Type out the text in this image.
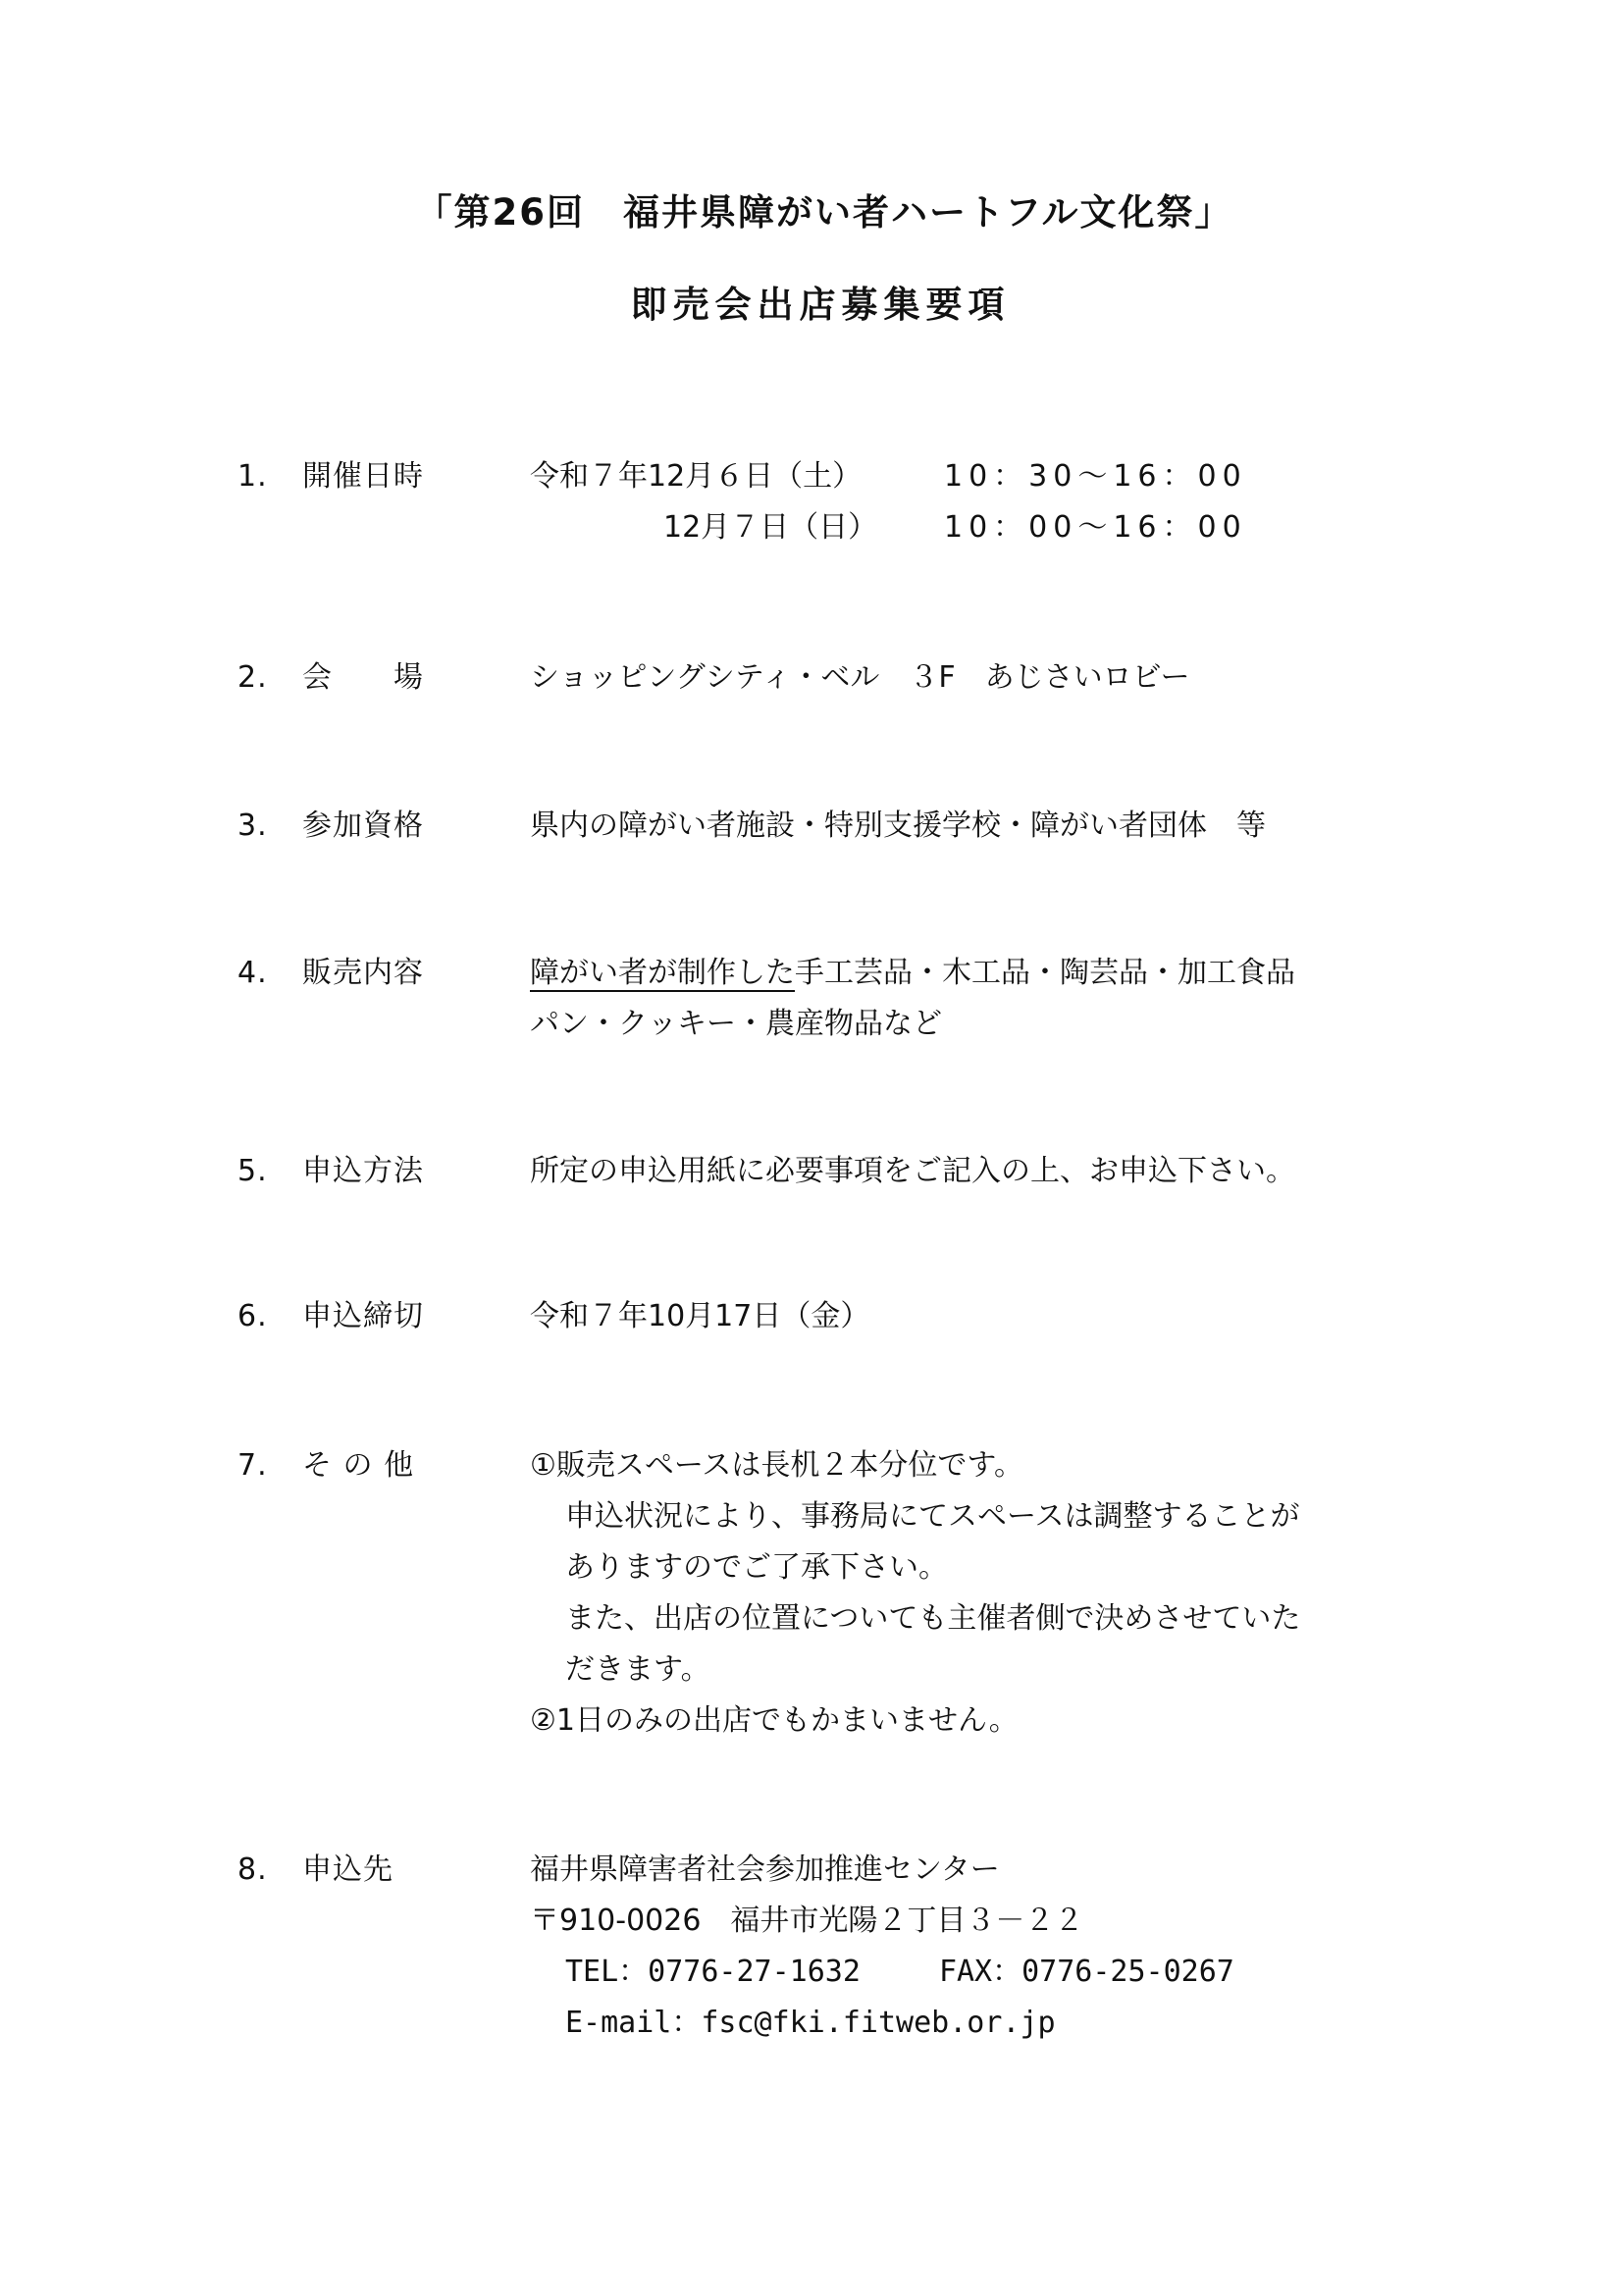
「第26回　福井県障がい者ハートフル文化祭」
即売会出店募集要項
1. 開催日時	令和７年12月６日（土）	10：30～16：00
12月７日（日） 10：00～16：00
2. 会　　場	ショッピングシティ・ベル　３F　あじさいロビー
3. 参加資格	県内の障がい者施設・特別支援学校・障がい者団体　等
4. 販売内容	障がい者が制作した手工芸品・木工品・陶芸品・加工食品
パン・クッキー・農産物品など
5. 申込方法	所定の申込用紙に必要事項をご記入の上、お申込下さい。
6. 申込締切	令和７年10月17日（金）
7. そ の 他	①販売スペースは長机２本分位です。
申込状況により、事務局にてスペースは調整することが
ありますのでご了承下さい。
また、出店の位置についても主催者側で決めさせていた
だきます。
②1日のみの出店でもかまいません。
8. 申込先	福井県障害者社会参加推進センター
〒910-0026　福井市光陽２丁目３－２２
TEL：0776-27-1632	FAX：0776-25-0267
E-mail：fsc@fki.fitweb.or.jp
